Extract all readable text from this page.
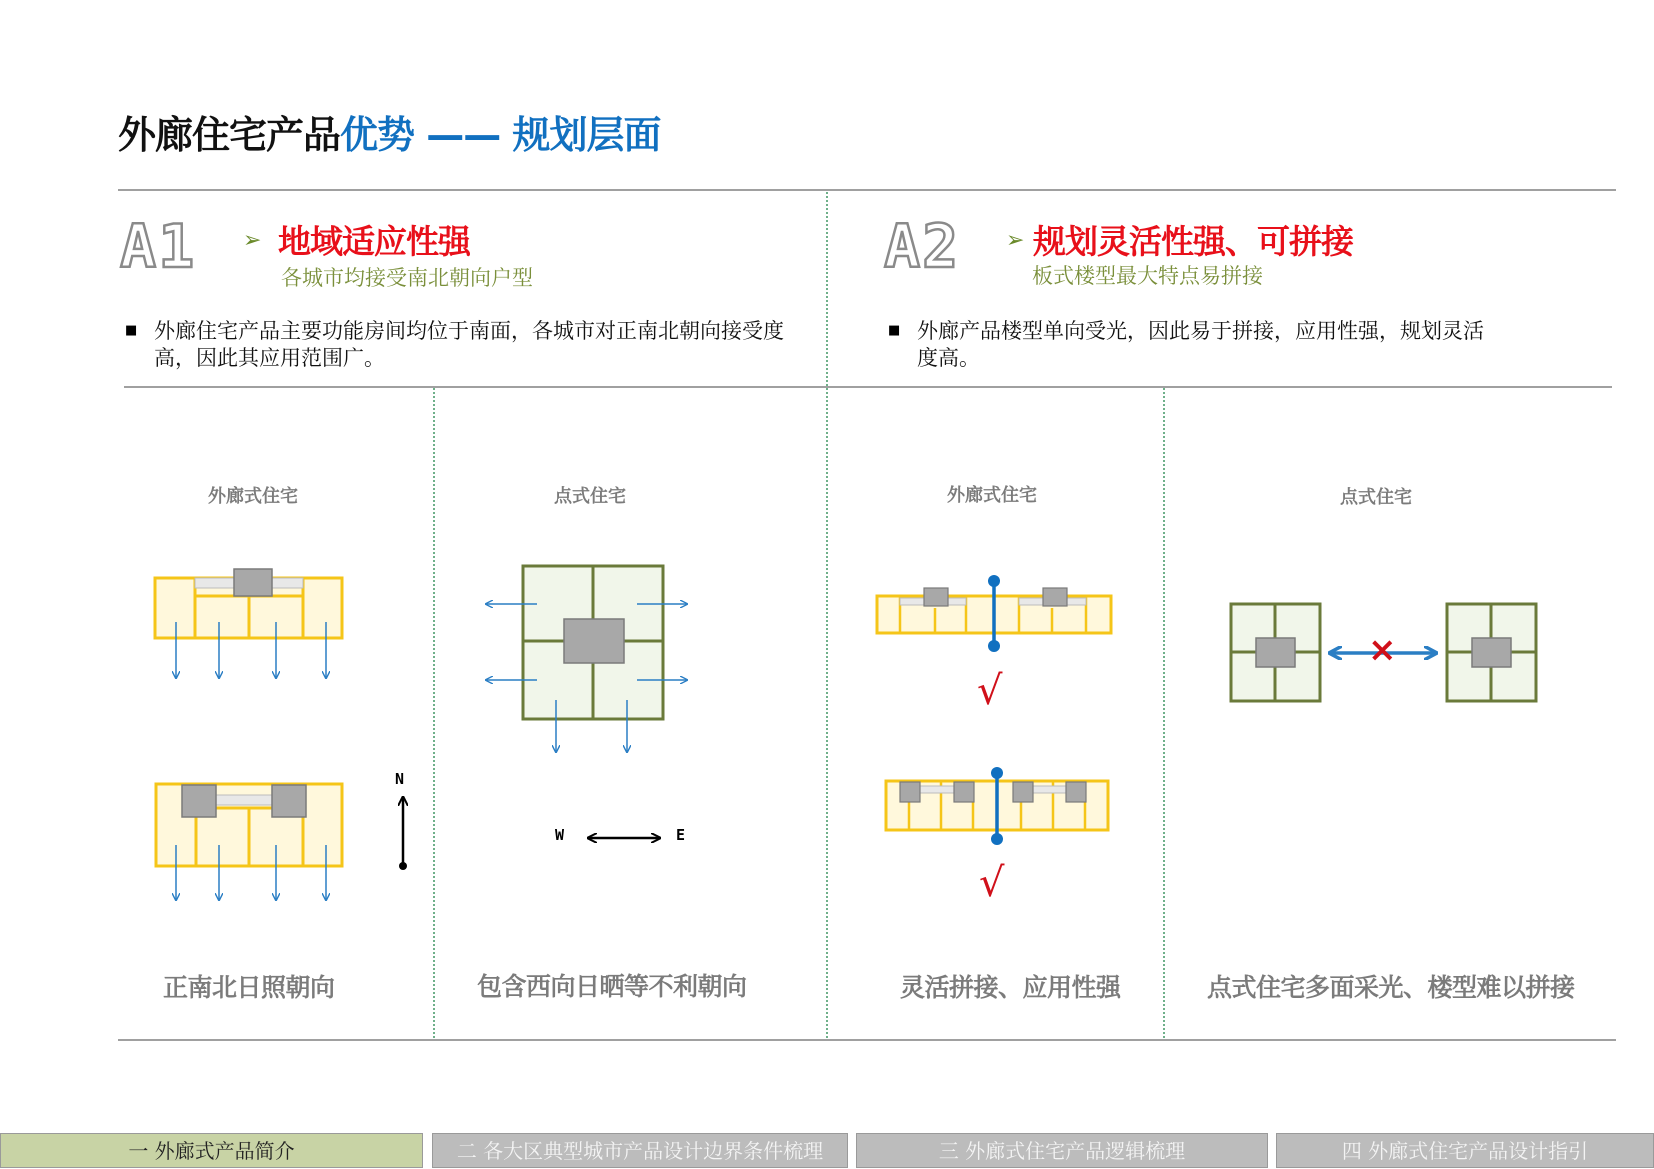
外廊住宅产品优势 —— 规划层面
A1 ➢ 地域适应性强
各城市均接受南北朝向户型
■ 外廊住宅产品主要功能房间均位于南面，各城市对正南北朝向接受度高，因此其应用范围广。
A2 ➢ 规划灵活性强、可拼接
板式楼型最大特点易拼接
■ 外廊产品楼型单向受光，因此易于拼接，应用性强，规划灵活度高。
外廊式住宅	点式住宅	外廊式住宅	点式住宅
N
W	E
√
√
×
正南北日照朝向	包含西向日晒等不利朝向	灵活拼接、应用性强	点式住宅多面采光、楼型难以拼接
一 外廊式产品简介	二 各大区典型城市产品设计边界条件梳理	三 外廊式住宅产品逻辑梳理	四 外廊式住宅产品设计指引
